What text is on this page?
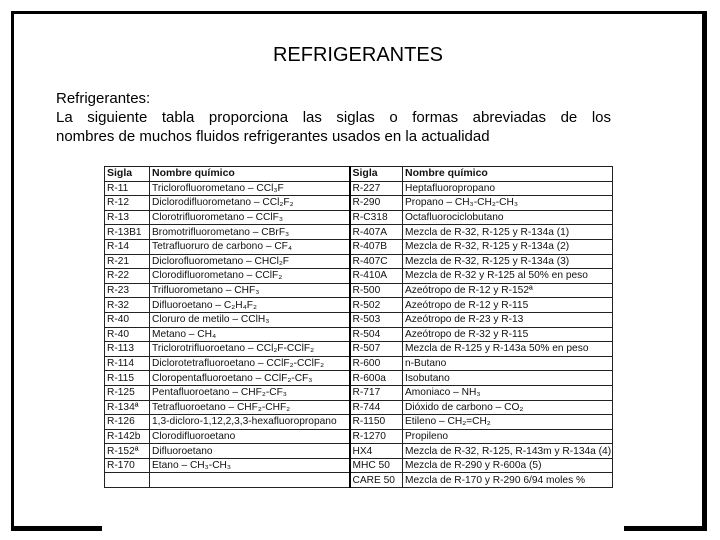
REFRIGERANTES
Refrigerantes:
La siguiente tabla proporciona las siglas o formas abreviadas de los
nombres de muchos fluidos refrigerantes usados en la actualidad
Sigla	Nombre químico	Sigla	Nombre químico
R-11	Triclorofluorometano – CCl₃F	R-227	Heptafluoropropano
R-12	Diclorodifluorometano – CCl₂F₂	R-290	Propano – CH₃-CH₂-CH₃
R-13	Clorotrifluorometano – CClF₃	R-C318	Octafluorociclobutano
R-13B1	Bromotrifluorometano – CBrF₃	R-407A	Mezcla de R-32, R-125 y R-134a (1)
R-14	Tetrafluoruro de carbono – CF₄	R-407B	Mezcla de R-32, R-125 y R-134a (2)
R-21	Diclorofluorometano – CHCl₂F	R-407C	Mezcla de R-32, R-125 y R-134a (3)
R-22	Clorodifluorometano – CClF₂	R-410A	Mezcla de R-32 y R-125 al 50% en peso
R-23	Trifluorometano – CHF₃	R-500	Azeótropo de R-12 y R-152ª
R-32	Difluoroetano – C₂H₄F₂	R-502	Azeótropo de R-12 y R-115
R-40	Cloruro de metilo – CClH₃	R-503	Azeótropo de R-23 y R-13
R-40	Metano – CH₄	R-504	Azeótropo de R-32 y R-115
R-113	Triclorotrifluoroetano – CCl₂F-CClF₂	R-507	Mezcla de R-125 y R-143a 50% en peso
R-114	Diclorotetrafluoroetano – CClF₂-CClF₂	R-600	n-Butano
R-115	Cloropentafluoroetano – CClF₂-CF₃	R-600a	Isobutano
R-125	Pentafluoroetano – CHF₂-CF₃	R-717	Amoniaco – NH₃
R-134ª	Tetrafluoroetano – CHF₂-CHF₂	R-744	Dióxido de carbono – CO₂
R-126	1,3-dicloro-1,12,2,3,3-hexafluoropropano	R-1150	Etileno – CH₂=CH₂
R-142b	Clorodifluoroetano	R-1270	Propileno
R-152ª	Difluoroetano	HX4	Mezcla de R-32, R-125, R-143m y R-134a (4)
R-170	Etano – CH₃-CH₃	MHC 50	Mezcla de R-290 y R-600a (5)
		CARE 50	Mezcla de R-170 y R-290 6/94 moles %
